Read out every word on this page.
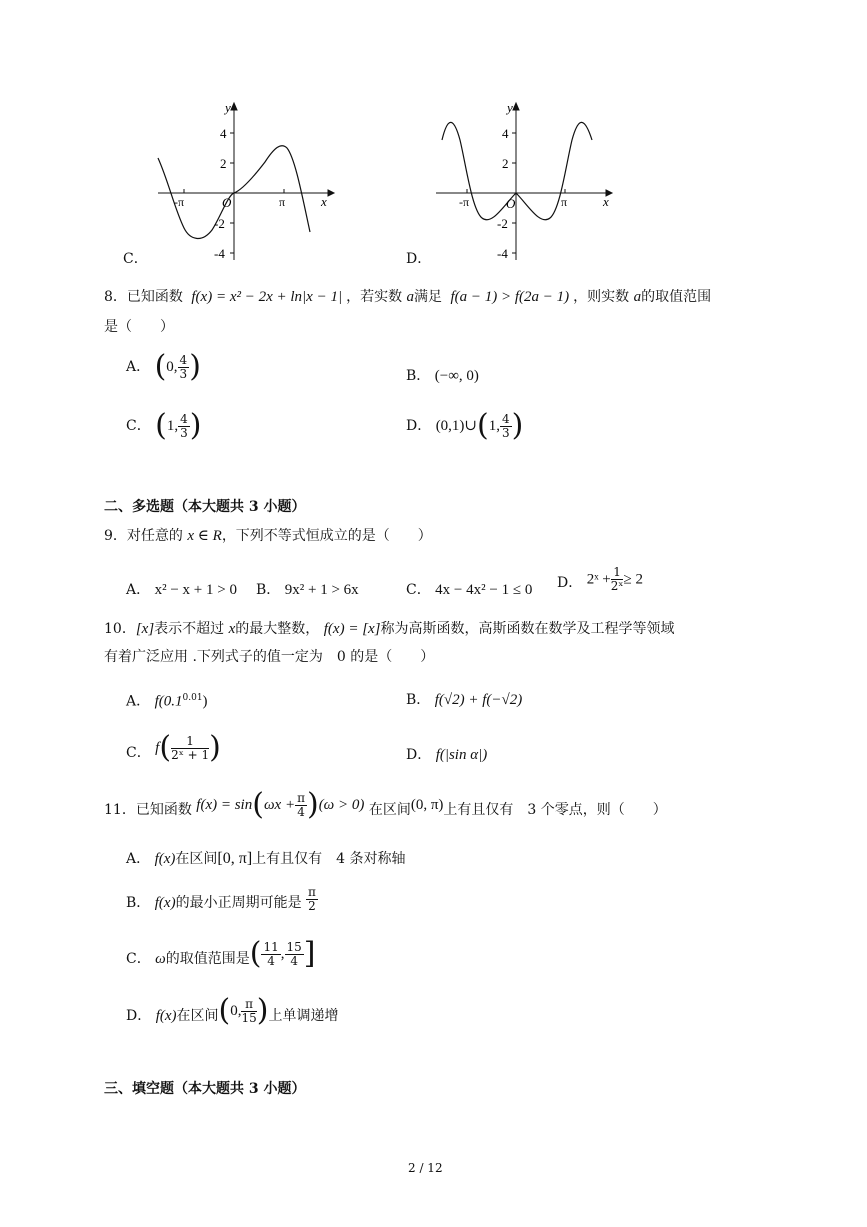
y
x
O
4
2
-2
-4
-π	π
C．
y
x
O
4
2
-2
-4
-π	π
D．
8．已知函数 f(x) = x² − 2x + ln|x − 1| ，若实数 a满足 f(a − 1) > f(2a − 1) ，则实数 a的取值范围
是（　　）
A． (0, $\frac{4}{3}$ )	B． (−∞, 0)
C． (1, $\frac{4}{3}$ )	D． (0,1)∪(1, $\frac{4}{3}$ )
二、多选题（本大题共 3 小题）
9．对任意的 x ∈ R，下列不等式恒成立的是（　　）
A． x² − x + 1 > 0 B． 9x² + 1 > 6x	C． 4x − 4x² − 1 ≤ 0 D． 2ˣ + $\frac{1}{\text{2ˣ}} \ge 2$
10．[x]表示不超过 x的最大整数， f(x) = [x]称为高斯函数，高斯函数在数学及工程学等领域
有着广泛应用 .下列式子的值一定为　0 的是（　　）
A． $f(0.1^{0.01})$	B． f(√2) + f(−√2)
C． $f( \frac{1}{\text{2ˣ + 1}}$ )	D． f(|sin α|)
11．已知函数 $f(x) = \sin(\omega x + \frac{\pi}{4} )(\omega > 0)$ 在区间(0, π)上有且仅有　3 个零点，则（　　）
A． f(x)在区间[0, π]上有且仅有　4 条对称轴
B． f(x)的最小正周期可能是 $\frac{\pi}{2}$
C． ω的取值范围是( $\frac{11}{4}$ , $\frac{15}{4}$ ]
D． f(x)在区间(0, $\frac{\pi}{15}$ )上单调递增
三、填空题（本大题共 3 小题）
2 / 12
